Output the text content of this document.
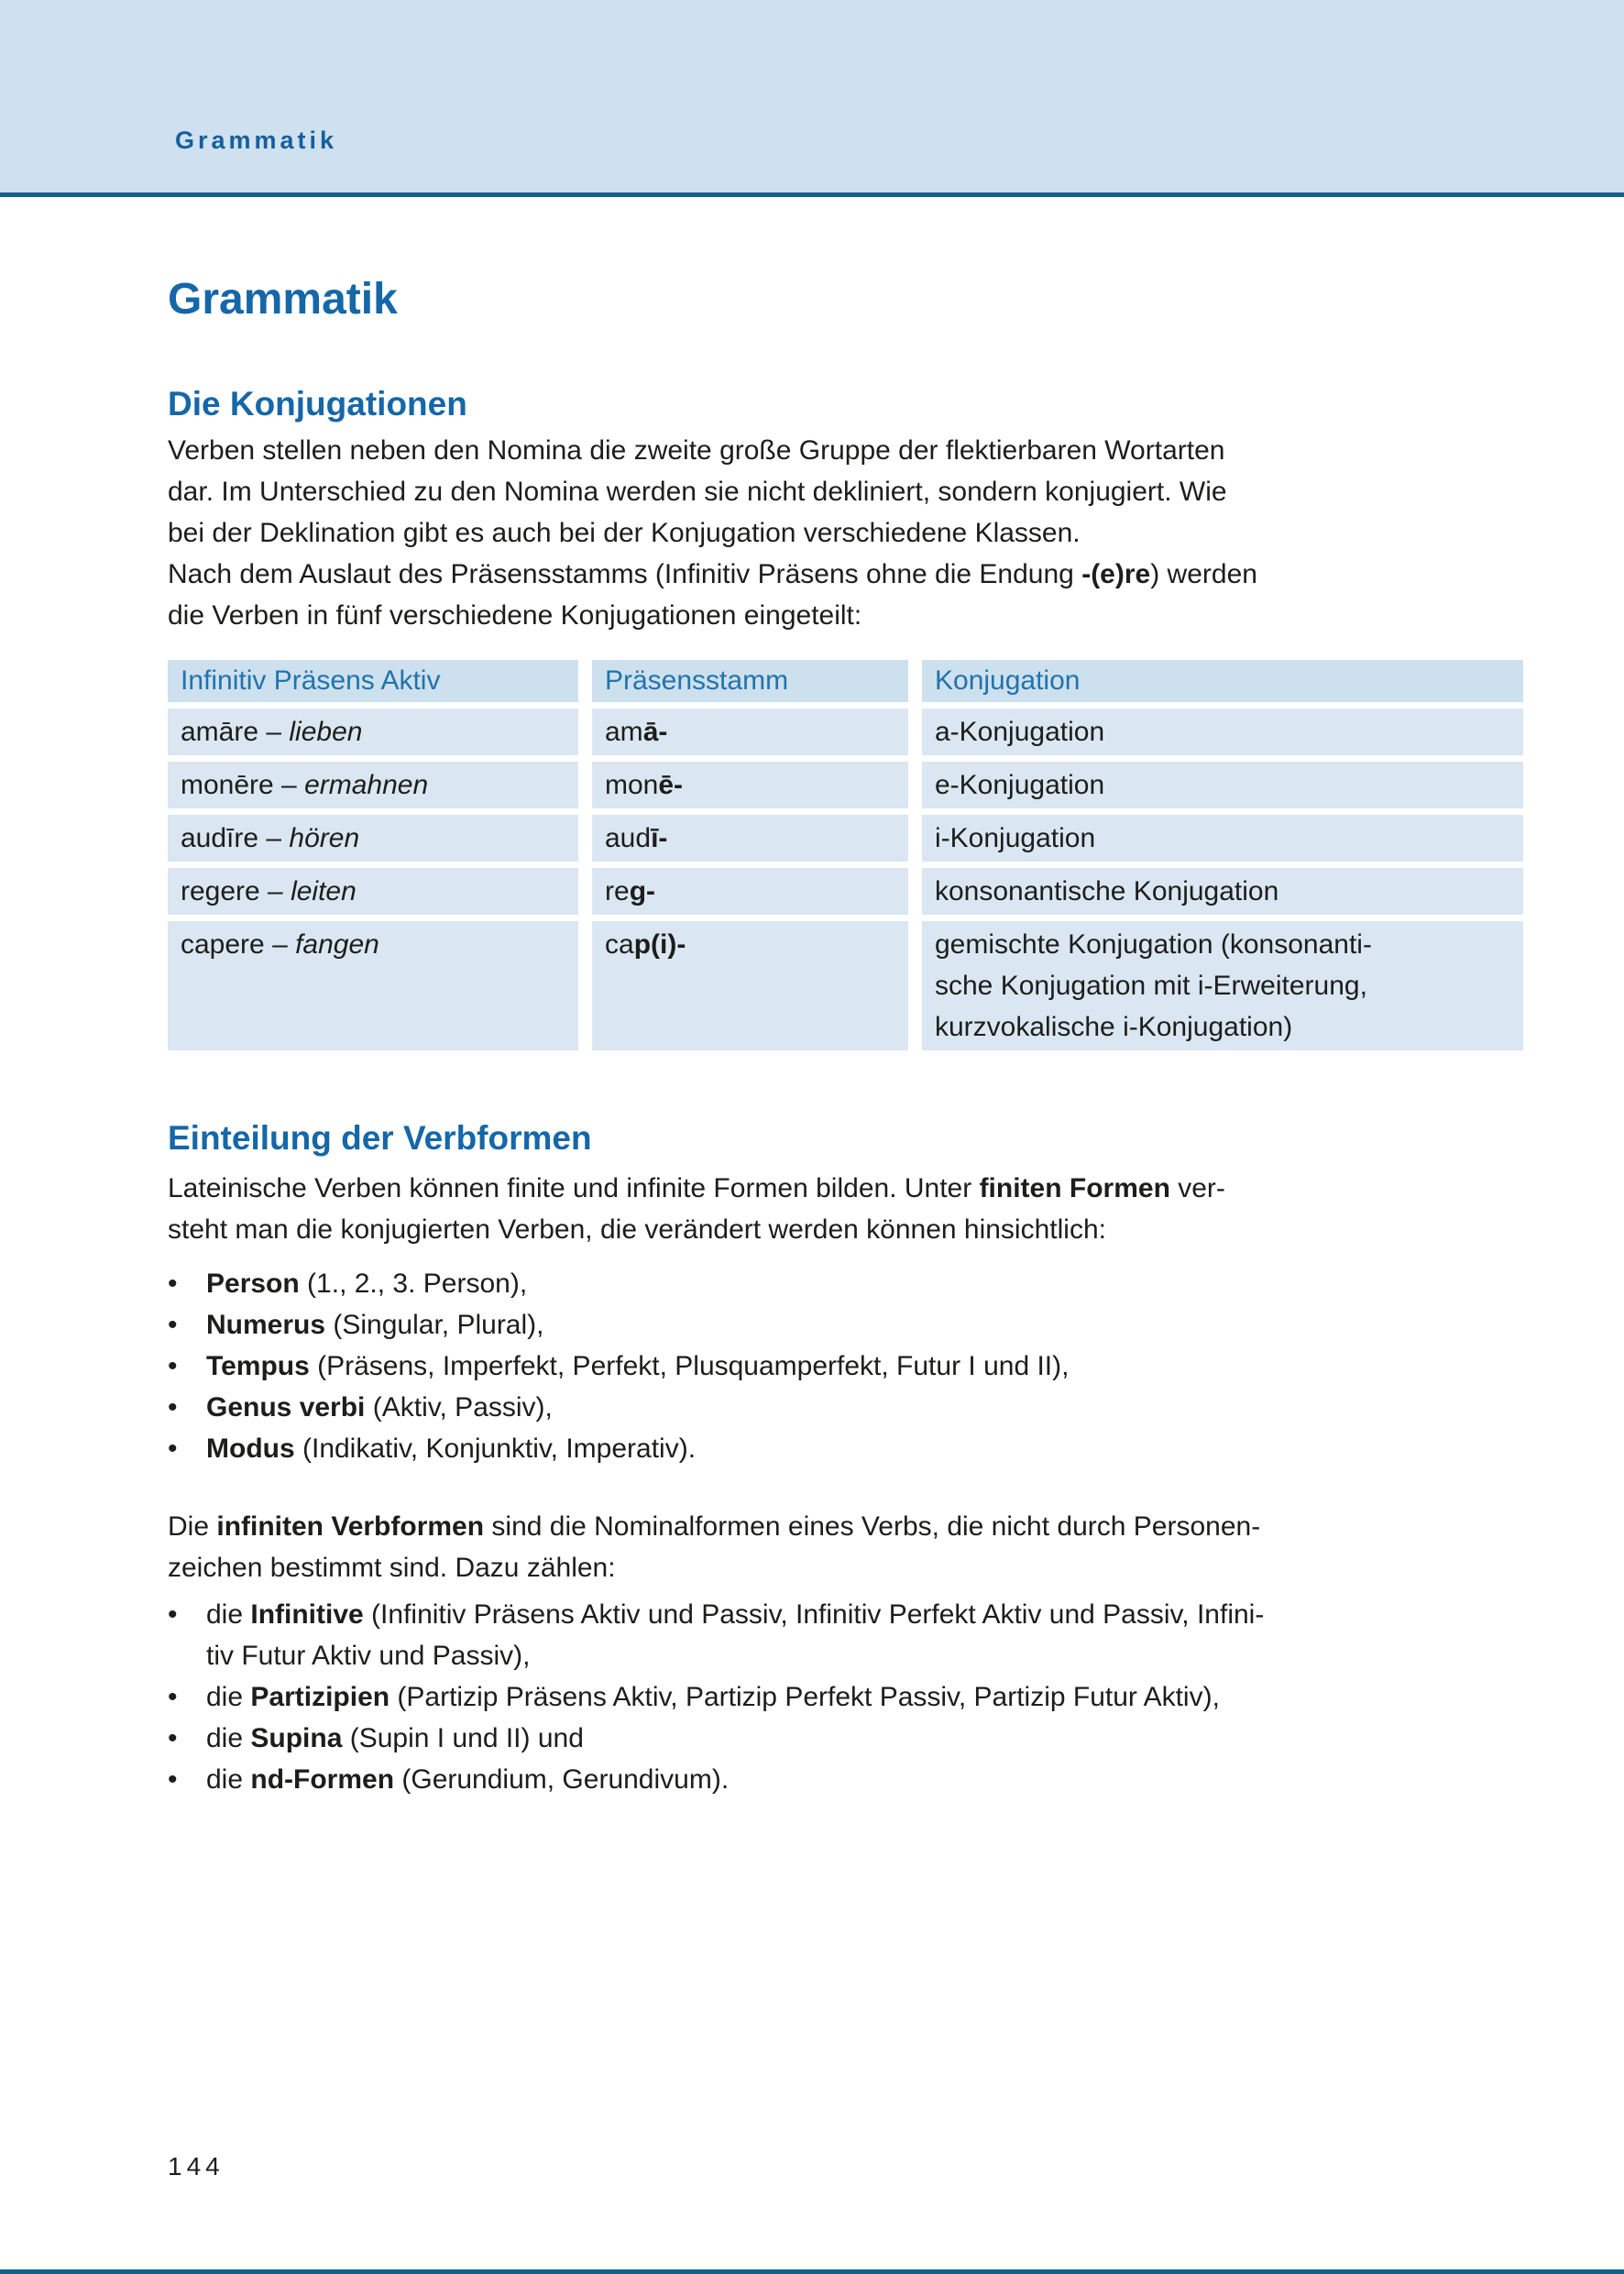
Grammatik
Grammatik
Die Konjugationen

Verben stellen neben den Nomina die zweite große Gruppe der flektierbaren Wortarten
dar. Im Unterschied zu den Nomina werden sie nicht dekliniert, sondern konjugiert. Wie
bei der Deklination gibt es auch bei der Konjugation verschiedene Klassen.
Nach dem Auslaut des Präsensstamms (Infinitiv Präsens ohne die Endung -(e)re) werden
die Verben in fünf verschiedene Konjugationen eingeteilt:

Infinitiv Präsens Aktiv	Präsensstamm	Konjugation
amāre – lieben	amā-	a-Konjugation
monēre – ermahnen	monē-	e-Konjugation
audīre – hören	audī-	i-Konjugation
regere – leiten	reg-	konsonantische Konjugation
capere – fangen	cap(i)-	gemischte Konjugation (konsonanti-
sche Konjugation mit i-Erweiterung,
kurzvokalische i-Konjugation)
Einteilung der Verbformen

Lateinische Verben können finite und infinite Formen bilden. Unter finiten Formen ver-
steht man die konjugierten Verben, die verändert werden können hinsichtlich:

•	Person (1., 2., 3. Person),
•	Numerus (Singular, Plural),
•	Tempus (Präsens, Imperfekt, Perfekt, Plusquamperfekt, Futur I und II),
•	Genus verbi (Aktiv, Passiv),
•	Modus (Indikativ, Konjunktiv, Imperativ).

Die infiniten Verbformen sind die Nominalformen eines Verbs, die nicht durch Personen-
zeichen bestimmt sind. Dazu zählen:

•	die Infinitive (Infinitiv Präsens Aktiv und Passiv, Infinitiv Perfekt Aktiv und Passiv, Infini-
tiv Futur Aktiv und Passiv),
•	die Partizipien (Partizip Präsens Aktiv, Partizip Perfekt Passiv, Partizip Futur Aktiv),
•	die Supina (Supin I und II) und
•	die nd-Formen (Gerundium, Gerundivum).
144
